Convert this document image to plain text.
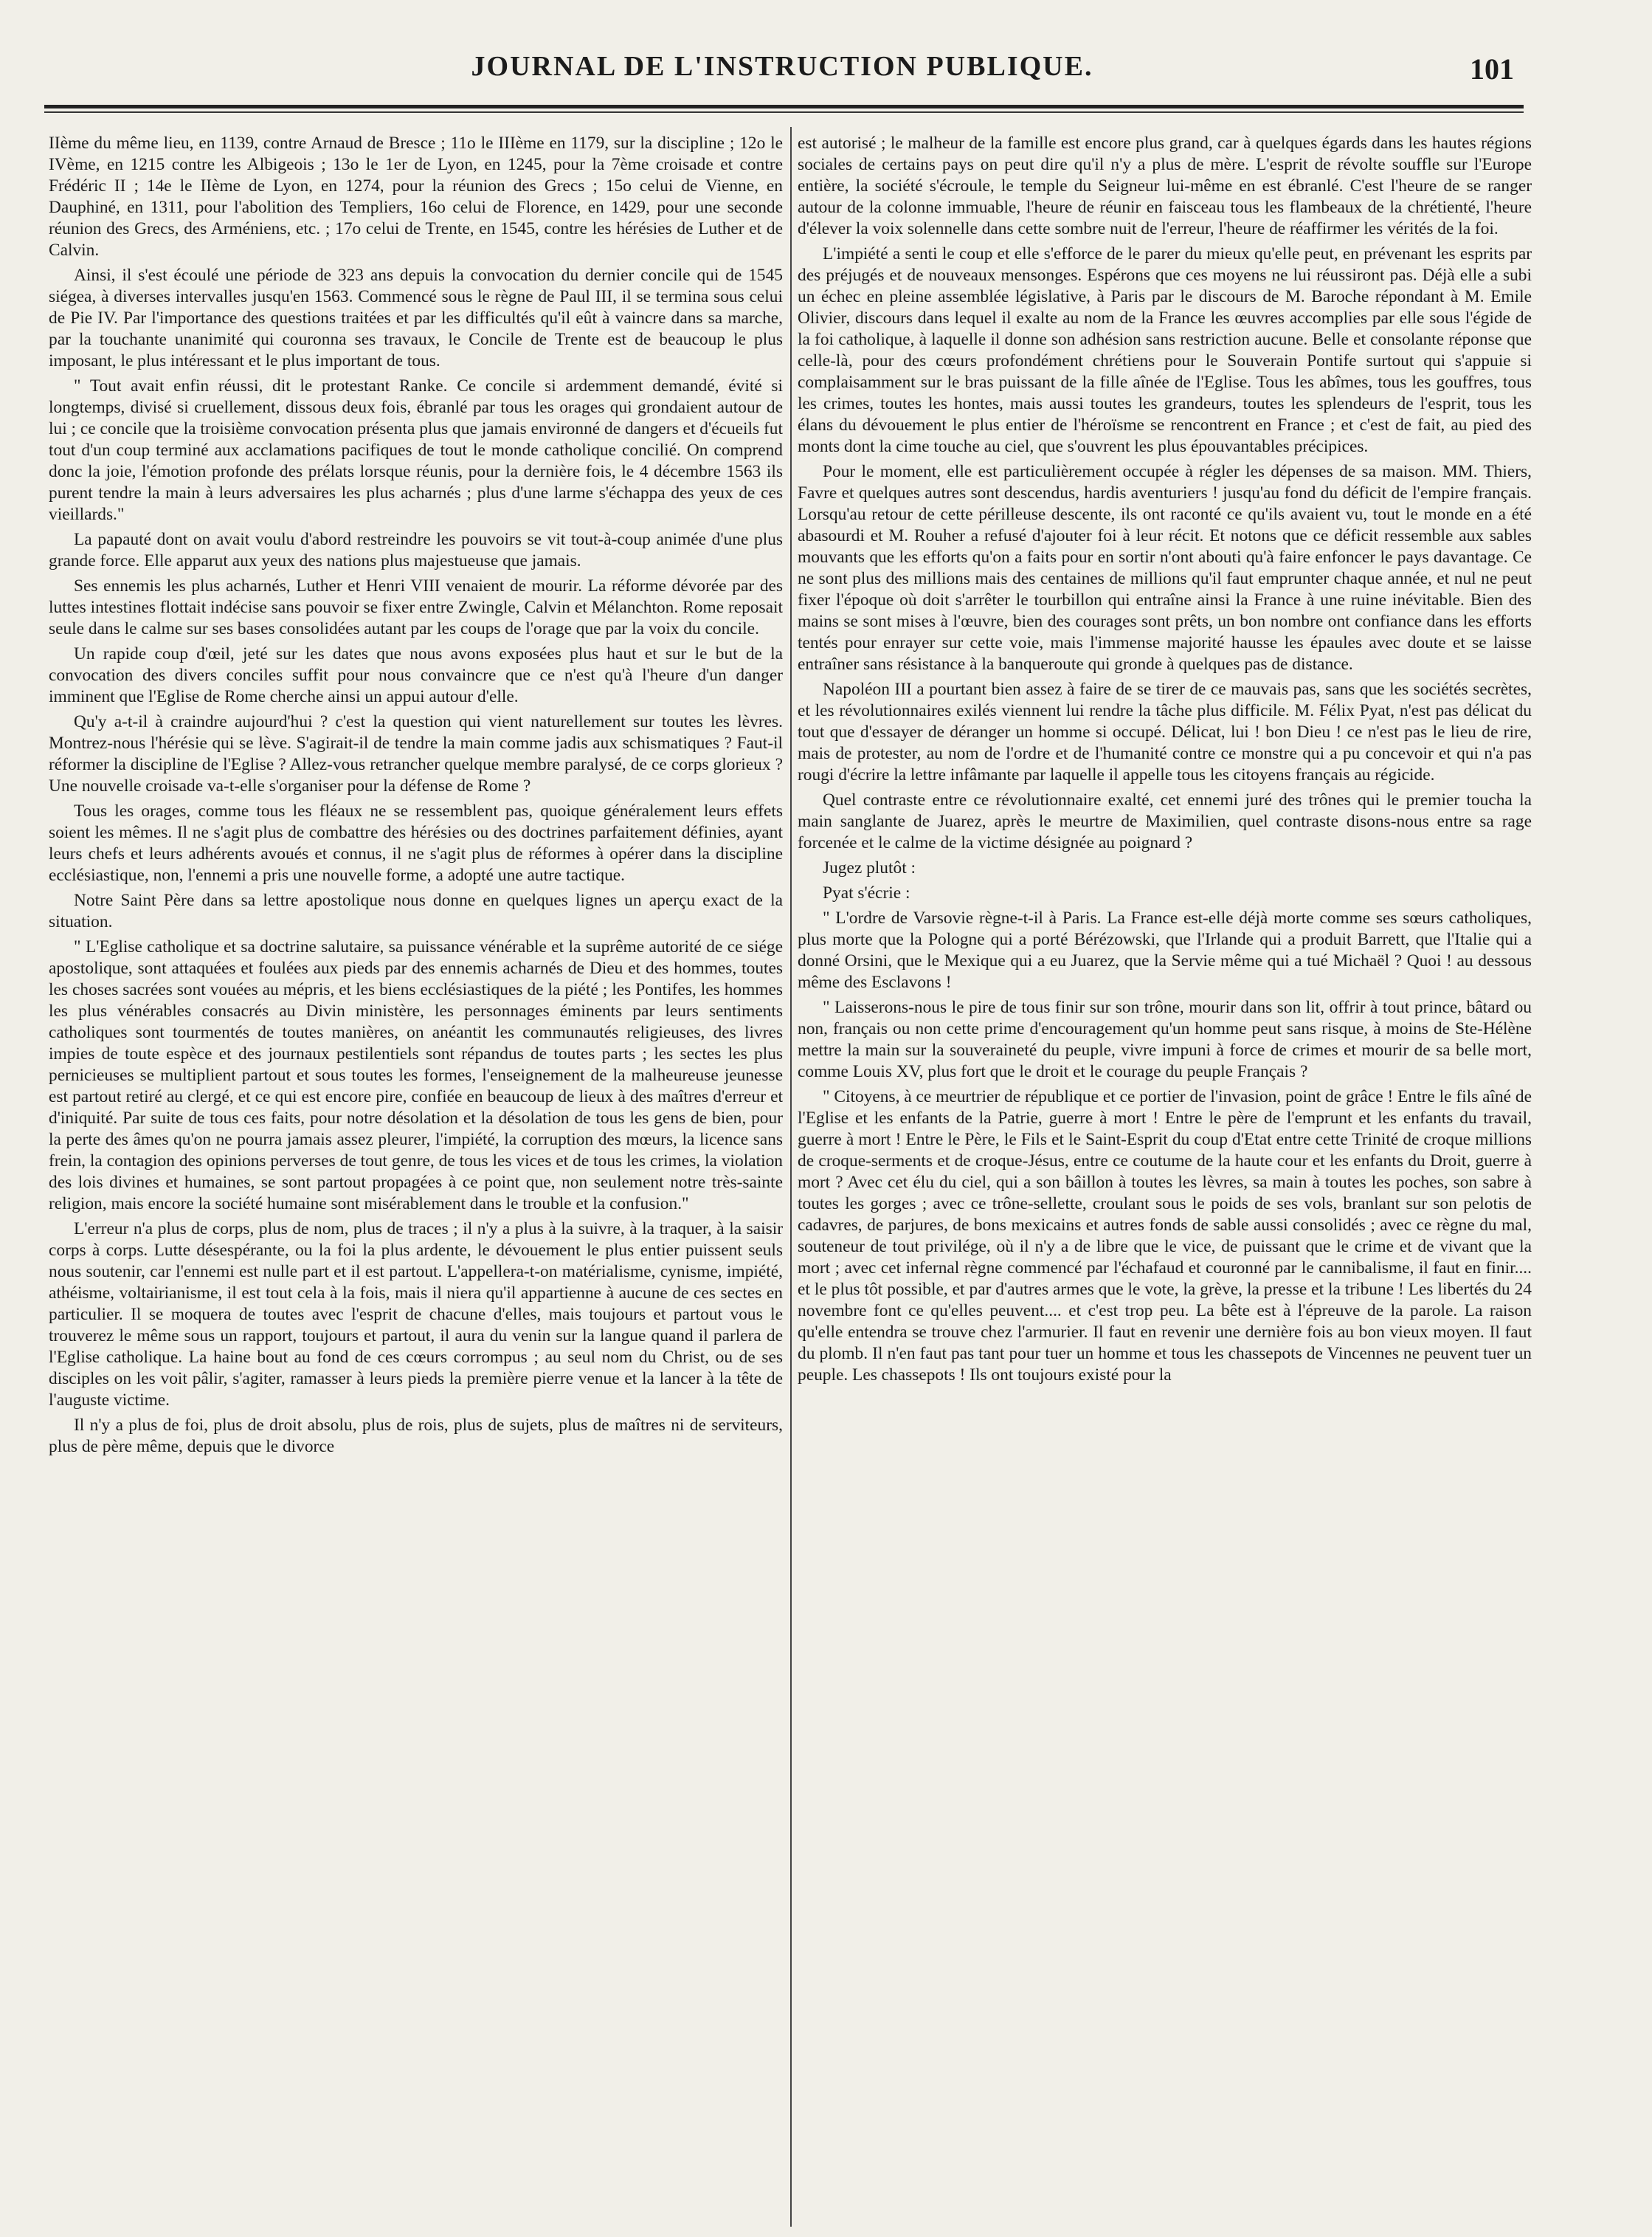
JOURNAL DE L'INSTRUCTION PUBLIQUE.	101

IIème du même lieu, en 1139, contre Arnaud de Bresce ; 11o le IIIème en 1179, sur la discipline ; 12o le IVème, en 1215 contre les Albigeois ; 13o le 1er de Lyon, en 1245, pour la 7ème croisade et contre Frédéric II ; 14e le IIème de Lyon, en 1274, pour la réunion des Grecs ; 15o celui de Vienne, en Dauphiné, en 1311, pour l'abolition des Templiers, 16o celui de Florence, en 1429, pour une seconde réunion des Grecs, des Arméniens, etc. ; 17o celui de Trente, en 1545, contre les hérésies de Luther et de Calvin.

Ainsi, il s'est écoulé une période de 323 ans depuis la convocation du dernier concile qui de 1545 siégea, à diverses intervalles jusqu'en 1563. Commencé sous le règne de Paul III, il se termina sous celui de Pie IV. Par l'importance des questions traitées et par les difficultés qu'il eût à vaincre dans sa marche, par la touchante unanimité qui couronna ses travaux, le Concile de Trente est de beaucoup le plus imposant, le plus intéressant et le plus important de tous.

" Tout avait enfin réussi, dit le protestant Ranke. Ce concile si ardemment demandé, évité si longtemps, divisé si cruellement, dissous deux fois, ébranlé par tous les orages qui grondaient autour de lui ; ce concile que la troisième convocation présenta plus que jamais environné de dangers et d'écueils fut tout d'un coup terminé aux acclamations pacifiques de tout le monde catholique concilié. On comprend donc la joie, l'émotion profonde des prélats lorsque réunis, pour la dernière fois, le 4 décembre 1563 ils purent tendre la main à leurs adversaires les plus acharnés ; plus d'une larme s'échappa des yeux de ces vieillards."

La papauté dont on avait voulu d'abord restreindre les pouvoirs se vit tout-à-coup animée d'une plus grande force. Elle apparut aux yeux des nations plus majestueuse que jamais.

Ses ennemis les plus acharnés, Luther et Henri VIII venaient de mourir. La réforme dévorée par des luttes intestines flottait indécise sans pouvoir se fixer entre Zwingle, Calvin et Mélanchton. Rome reposait seule dans le calme sur ses bases consolidées autant par les coups de l'orage que par la voix du concile.

Un rapide coup d'œil, jeté sur les dates que nous avons exposées plus haut et sur le but de la convocation des divers conciles suffit pour nous convaincre que ce n'est qu'à l'heure d'un danger imminent que l'Eglise de Rome cherche ainsi un appui autour d'elle.

Qu'y a-t-il à craindre aujourd'hui ? c'est la question qui vient naturellement sur toutes les lèvres. Montrez-nous l'hérésie qui se lève. S'agirait-il de tendre la main comme jadis aux schismatiques ? Faut-il réformer la discipline de l'Eglise ? Allez-vous retrancher quelque membre paralysé, de ce corps glorieux ? Une nouvelle croisade va-t-elle s'organiser pour la défense de Rome ?

Tous les orages, comme tous les fléaux ne se ressemblent pas, quoique généralement leurs effets soient les mêmes. Il ne s'agit plus de combattre des hérésies ou des doctrines parfaitement définies, ayant leurs chefs et leurs adhérents avoués et connus, il ne s'agit plus de réformes à opérer dans la discipline ecclésiastique, non, l'ennemi a pris une nouvelle forme, a adopté une autre tactique.

Notre Saint Père dans sa lettre apostolique nous donne en quelques lignes un aperçu exact de la situation.

" L'Eglise catholique et sa doctrine salutaire, sa puissance vénérable et la suprême autorité de ce siége apostolique, sont attaquées et foulées aux pieds par des ennemis acharnés de Dieu et des hommes, toutes les choses sacrées sont vouées au mépris, et les biens ecclésiastiques de la piété ; les Pontifes, les hommes les plus vénérables consacrés au Divin ministère, les personnages éminents par leurs sentiments catholiques sont tourmentés de toutes manières, on anéantit les communautés religieuses, des livres impies de toute espèce et des journaux pestilentiels sont répandus de toutes parts ; les sectes les plus pernicieuses se multiplient partout et sous toutes les formes, l'enseignement de la malheureuse jeunesse est partout retiré au clergé, et ce qui est encore pire, confiée en beaucoup de lieux à des maîtres d'erreur et d'iniquité. Par suite de tous ces faits, pour notre désolation et la désolation de tous les gens de bien, pour la perte des âmes qu'on ne pourra jamais assez pleurer, l'impiété, la corruption des mœurs, la licence sans frein, la contagion des opinions perverses de tout genre, de tous les vices et de tous les crimes, la violation des lois divines et humaines, se sont partout propagées à ce point que, non seulement notre très-sainte religion, mais encore la société humaine sont misérablement dans le trouble et la confusion."

L'erreur n'a plus de corps, plus de nom, plus de traces ; il n'y a plus à la suivre, à la traquer, à la saisir corps à corps. Lutte désespérante, ou la foi la plus ardente, le dévouement le plus entier puissent seuls nous soutenir, car l'ennemi est nulle part et il est partout. L'appellera-t-on matérialisme, cynisme, impiété, athéisme, voltairianisme, il est tout cela à la fois, mais il niera qu'il appartienne à aucune de ces sectes en particulier. Il se moquera de toutes avec l'esprit de chacune d'elles, mais toujours et partout vous le trouverez le même sous un rapport, toujours et partout, il aura du venin sur la langue quand il parlera de l'Eglise catholique. La haine bout au fond de ces cœurs corrompus ; au seul nom du Christ, ou de ses disciples on les voit pâlir, s'agiter, ramasser à leurs pieds la première pierre venue et la lancer à la tête de l'auguste victime.

Il n'y a plus de foi, plus de droit absolu, plus de rois, plus de sujets, plus de maîtres ni de serviteurs, plus de père même, depuis que le divorce

est autorisé ; le malheur de la famille est encore plus grand, car à quelques égards dans les hautes régions sociales de certains pays on peut dire qu'il n'y a plus de mère. L'esprit de révolte souffle sur l'Europe entière, la société s'écroule, le temple du Seigneur lui-même en est ébranlé. C'est l'heure de se ranger autour de la colonne immuable, l'heure de réunir en faisceau tous les flambeaux de la chrétienté, l'heure d'élever la voix solennelle dans cette sombre nuit de l'erreur, l'heure de réaffirmer les vérités de la foi.

L'impiété a senti le coup et elle s'efforce de le parer du mieux qu'elle peut, en prévenant les esprits par des préjugés et de nouveaux mensonges. Espérons que ces moyens ne lui réussiront pas. Déjà elle a subi un échec en pleine assemblée législative, à Paris par le discours de M. Baroche répondant à M. Emile Olivier, discours dans lequel il exalte au nom de la France les œuvres accomplies par elle sous l'égide de la foi catholique, à laquelle il donne son adhésion sans restriction aucune. Belle et consolante réponse que celle-là, pour des cœurs profondément chrétiens pour le Souverain Pontife surtout qui s'appuie si complaisamment sur le bras puissant de la fille aînée de l'Eglise. Tous les abîmes, tous les gouffres, tous les crimes, toutes les hontes, mais aussi toutes les grandeurs, toutes les splendeurs de l'esprit, tous les élans du dévouement le plus entier de l'héroïsme se rencontrent en France ; et c'est de fait, au pied des monts dont la cime touche au ciel, que s'ouvrent les plus épouvantables précipices.

Pour le moment, elle est particulièrement occupée à régler les dépenses de sa maison. MM. Thiers, Favre et quelques autres sont descendus, hardis aventuriers ! jusqu'au fond du déficit de l'empire français. Lorsqu'au retour de cette périlleuse descente, ils ont raconté ce qu'ils avaient vu, tout le monde en a été abasourdi et M. Rouher a refusé d'ajouter foi à leur récit. Et notons que ce déficit ressemble aux sables mouvants que les efforts qu'on a faits pour en sortir n'ont abouti qu'à faire enfoncer le pays davantage. Ce ne sont plus des millions mais des centaines de millions qu'il faut emprunter chaque année, et nul ne peut fixer l'époque où doit s'arrêter le tourbillon qui entraîne ainsi la France à une ruine inévitable. Bien des mains se sont mises à l'œuvre, bien des courages sont prêts, un bon nombre ont confiance dans les efforts tentés pour enrayer sur cette voie, mais l'immense majorité hausse les épaules avec doute et se laisse entraîner sans résistance à la banqueroute qui gronde à quelques pas de distance.

Napoléon III a pourtant bien assez à faire de se tirer de ce mauvais pas, sans que les sociétés secrètes, et les révolutionnaires exilés viennent lui rendre la tâche plus difficile. M. Félix Pyat, n'est pas délicat du tout que d'essayer de déranger un homme si occupé. Délicat, lui ! bon Dieu ! ce n'est pas le lieu de rire, mais de protester, au nom de l'ordre et de l'humanité contre ce monstre qui a pu concevoir et qui n'a pas rougi d'écrire la lettre infâmante par laquelle il appelle tous les citoyens français au régicide.

Quel contraste entre ce révolutionnaire exalté, cet ennemi juré des trônes qui le premier toucha la main sanglante de Juarez, après le meurtre de Maximilien, quel contraste disons-nous entre sa rage forcenée et le calme de la victime désignée au poignard ?

Jugez plutôt :

Pyat s'écrie :

" L'ordre de Varsovie règne-t-il à Paris. La France est-elle déjà morte comme ses sœurs catholiques, plus morte que la Pologne qui a porté Bérézowski, que l'Irlande qui a produit Barrett, que l'Italie qui a donné Orsini, que le Mexique qui a eu Juarez, que la Servie même qui a tué Michaël ? Quoi ! au dessous même des Esclavons !

" Laisserons-nous le pire de tous finir sur son trône, mourir dans son lit, offrir à tout prince, bâtard ou non, français ou non cette prime d'encouragement qu'un homme peut sans risque, à moins de Ste-Hélène mettre la main sur la souveraineté du peuple, vivre impuni à force de crimes et mourir de sa belle mort, comme Louis XV, plus fort que le droit et le courage du peuple Français ?

" Citoyens, à ce meurtrier de république et ce portier de l'invasion, point de grâce ! Entre le fils aîné de l'Eglise et les enfants de la Patrie, guerre à mort ! Entre le père de l'emprunt et les enfants du travail, guerre à mort ! Entre le Père, le Fils et le Saint-Esprit du coup d'Etat entre cette Trinité de croque millions de croque-serments et de croque-Jésus, entre ce coutume de la haute cour et les enfants du Droit, guerre à mort ? Avec cet élu du ciel, qui a son bâillon à toutes les lèvres, sa main à toutes les poches, son sabre à toutes les gorges ; avec ce trône-sellette, croulant sous le poids de ses vols, branlant sur son pelotis de cadavres, de parjures, de bons mexicains et autres fonds de sable aussi consolidés ; avec ce règne du mal, souteneur de tout privilége, où il n'y a de libre que le vice, de puissant que le crime et de vivant que la mort ; avec cet infernal règne commencé par l'échafaud et couronné par le cannibalisme, il faut en finir.... et le plus tôt possible, et par d'autres armes que le vote, la grève, la presse et la tribune ! Les libertés du 24 novembre font ce qu'elles peuvent.... et c'est trop peu. La bête est à l'épreuve de la parole. La raison qu'elle entendra se trouve chez l'armurier. Il faut en revenir une dernière fois au bon vieux moyen. Il faut du plomb. Il n'en faut pas tant pour tuer un homme et tous les chassepots de Vincennes ne peuvent tuer un peuple. Les chassepots ! Ils ont toujours existé pour la
